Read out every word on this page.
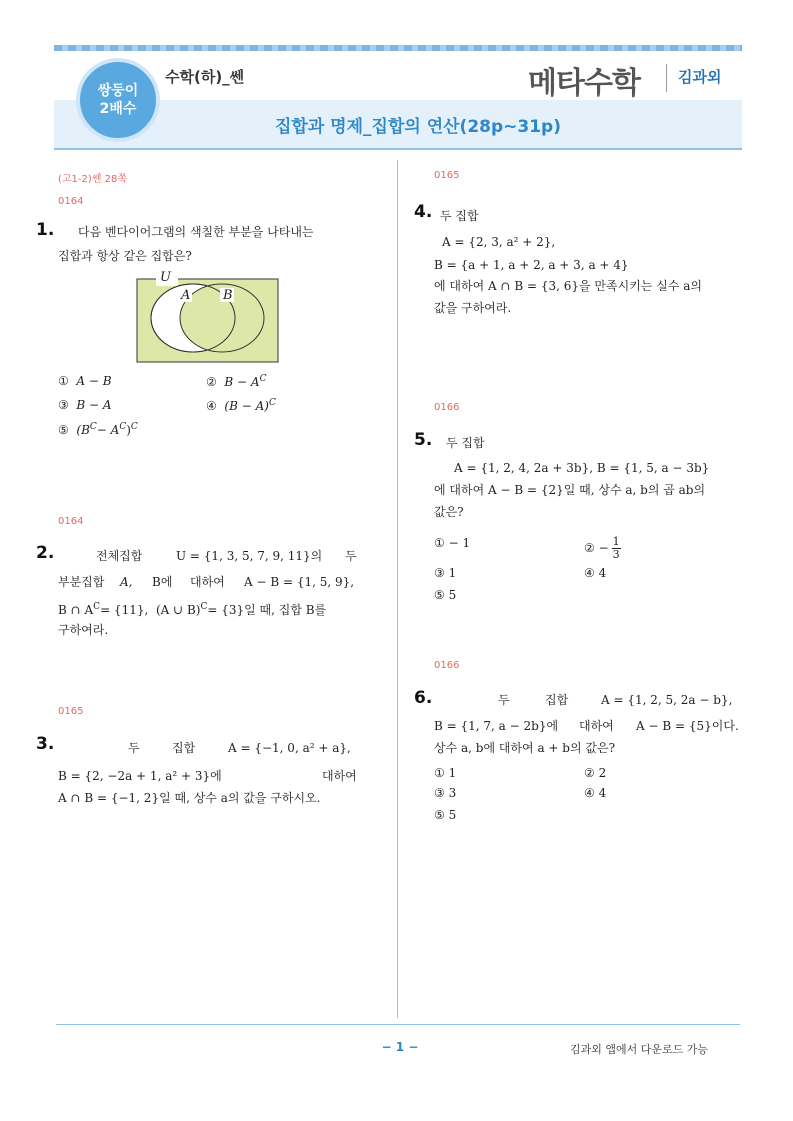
쌍둥이
2배수
수학(하)_쎈	메타수학	김과외
집합과 명제_집합의 연산(28p~31p)
(고1-2)쎈 28쪽
0164
1. 다음 벤다이어그램의 색칠한 부분을 나타내는
집합과 항상 같은 집합은?
U
A	B
① A − B	② $B - A^C$
③ B − A	④ $(B - A)^C$
⑤ $(B^C- A^C)^C$
0164
2.	전체집합	U = {1, 3, 5, 7, 9, 11}의 두
부분집합 A, B에 대하여 A − B = {1, 5, 9},
B ∩ $A^C= \{11\}$, (A ∪ B)$^C$= {3}일 때, 집합 B를
구하여라.
0165
3.	두	집합	A = {−1, 0, a² + a},
B = {2, −2a + 1, a² + 3}에	대하여
A ∩ B = {−1, 2}일 때, 상수 a의 값을 구하시오.
0165
4. 두 집합
A = {2, 3, a² + 2},
B = {a + 1, a + 2, a + 3, a + 4}
에 대하여 A ∩ B = {3, 6}을 만족시키는 실수 a의
값을 구하여라.
0166
5. 두 집합
A = {1, 2, 4, 2a + 3b}, B = {1, 5, a − 3b}
에 대하여 A − B = {2}일 때, 상수 a, b의 곱 ab의
값은?
① − 1	② − $\frac{1}{3}$
③ 1	④ 4
⑤ 5
0166
6.	두	집합	A = {1, 2, 5, 2a − b},
B = {1, 7, a − 2b}에 대하여 A − B = {5}이다.
상수 a, b에 대하여 a + b의 값은?
① 1	② 2
③ 3	④ 4
⑤ 5
− 1 −	김과외 앱에서 다운로드 가능
